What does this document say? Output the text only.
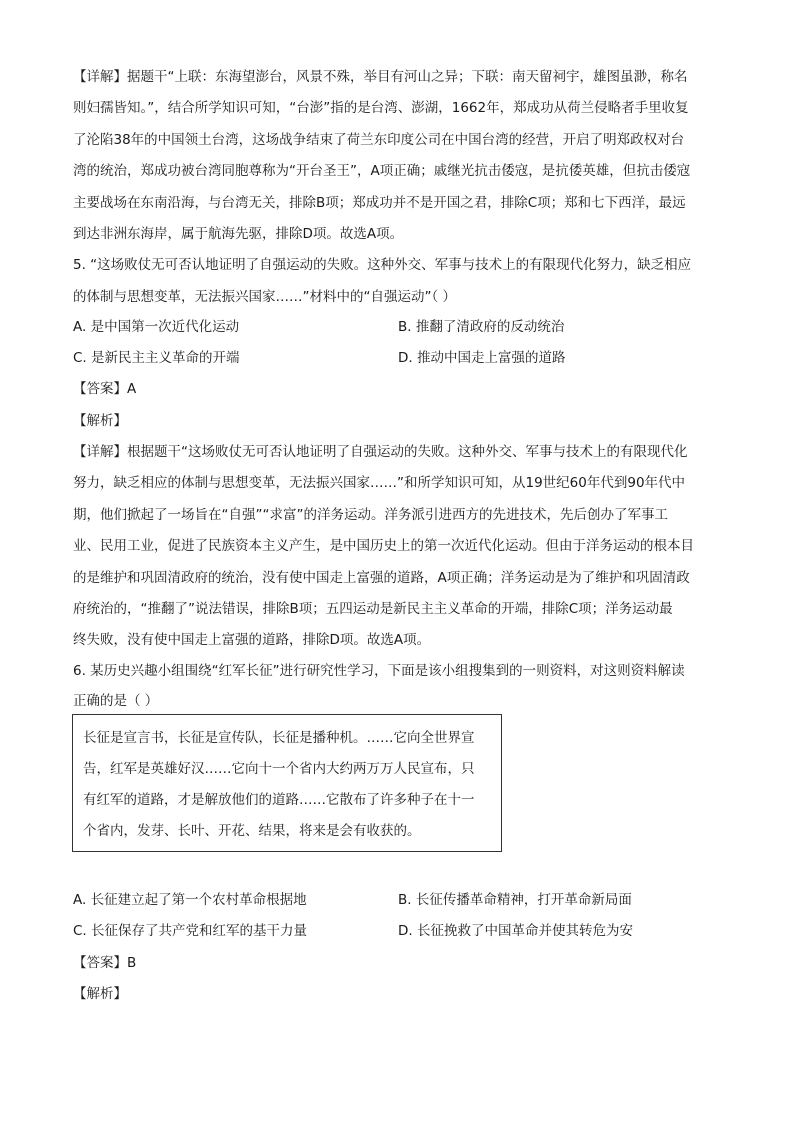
【详解】据题干“上联：东海望澎台，风景不殊，举目有河山之异；下联：南天留祠宇，雄图虽渺，称名
则妇孺皆知。”，结合所学知识可知，“台澎”指的是台湾、澎湖，1662年，郑成功从荷兰侵略者手里收复
了沦陷38年的中国领土台湾，这场战争结束了荷兰东印度公司在中国台湾的经营，开启了明郑政权对台
湾的统治，郑成功被台湾同胞尊称为“开台圣王”，A项正确；戚继光抗击倭寇，是抗倭英雄，但抗击倭寇
主要战场在东南沿海，与台湾无关，排除B项；郑成功并不是开国之君，排除C项；郑和七下西洋，最远
到达非洲东海岸，属于航海先驱，排除D项。故选A项。
5. “这场败仗无可否认地证明了自强运动的失败。这种外交、军事与技术上的有限现代化努力，缺乏相应
的体制与思想变革，无法振兴国家……”材料中的“自强运动”（ ）
A. 是中国第一次近代化运动	B. 推翻了清政府的反动统治
C. 是新民主主义革命的开端	D. 推动中国走上富强的道路
【答案】A
【解析】
【详解】根据题干“这场败仗无可否认地证明了自强运动的失败。这种外交、军事与技术上的有限现代化
努力，缺乏相应的体制与思想变革，无法振兴国家……”和所学知识可知，从19世纪60年代到90年代中
期，他们掀起了一场旨在“自强”“求富”的洋务运动。洋务派引进西方的先进技术，先后创办了军事工
业、民用工业，促进了民族资本主义产生，是中国历史上的第一次近代化运动。但由于洋务运动的根本目
的是维护和巩固清政府的统治，没有使中国走上富强的道路，A项正确；洋务运动是为了维护和巩固清政
府统治的，“推翻了”说法错误，排除B项；五四运动是新民主主义革命的开端，排除C项；洋务运动最
终失败，没有使中国走上富强的道路，排除D项。故选A项。
6. 某历史兴趣小组围绕“红军长征”进行研究性学习，下面是该小组搜集到的一则资料，对这则资料解读
正确的是（ ）
长征是宣言书，长征是宣传队，长征是播种机。……它向全世界宣
告，红军是英雄好汉……它向十一个省内大约两万万人民宣布，只
有红军的道路，才是解放他们的道路……它散布了许多种子在十一
个省内，发芽、长叶、开花、结果，将来是会有收获的。
A. 长征建立起了第一个农村革命根据地	B. 长征传播革命精神，打开革命新局面
C. 长征保存了共产党和红军的基干力量	D. 长征挽救了中国革命并使其转危为安
【答案】B
【解析】
